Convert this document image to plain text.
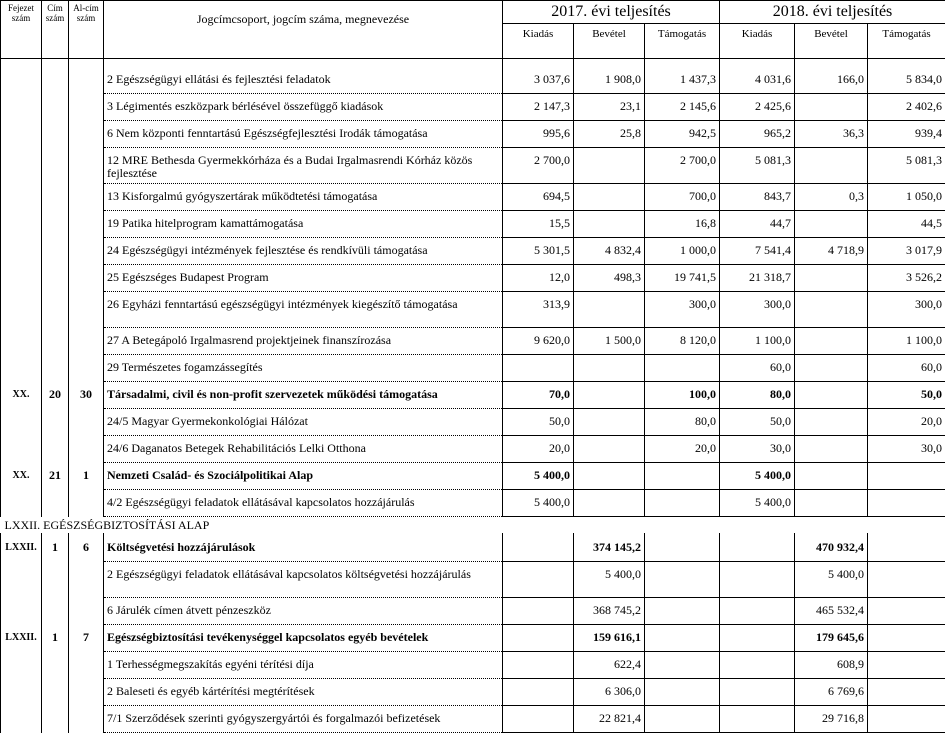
Fejezet szám	Cím szám	Al-cím szám	Jogcímcsoport, jogcím száma, megnevezése	2017. évi teljesítés			2018. évi teljesítés		
				Kiadás	Bevétel	Támogatás	Kiadás	Bevétel	Támogatás

			2 Egészségügyi ellátási és fejlesztési feladatok	3 037,6	1 908,0	1 437,3	4 031,6	166,0	5 834,0
			3 Légimentés eszközpark bérlésével összefüggő kiadások	2 147,3	23,1	2 145,6	2 425,6		2 402,6
			6 Nem központi fenntartású Egészségfejlesztési Irodák támogatása	995,6	25,8	942,5	965,2	36,3	939,4
			12 MRE Bethesda Gyermekkórháza és a Budai Irgalmasrendi Kórház közös fejlesztése	2 700,0		2 700,0	5 081,3		5 081,3
			13 Kisforgalmú gyógyszertárak működtetési támogatása	694,5		700,0	843,7	0,3	1 050,0
			19 Patika hitelprogram kamattámogatása	15,5		16,8	44,7		44,5
			24 Egészségügyi intézmények fejlesztése és rendkívüli támogatása	5 301,5	4 832,4	1 000,0	7 541,4	4 718,9	3 017,9
			25 Egészséges Budapest Program	12,0	498,3	19 741,5	21 318,7		3 526,2
			26 Egyházi fenntartású egészségügyi intézmények kiegészítő támogatása	313,9		300,0	300,0		300,0
			27 A Betegápoló Irgalmasrend projektjeinek finanszírozása	9 620,0	1 500,0	8 120,0	1 100,0		1 100,0
			29 Természetes fogamzássegítés				60,0		60,0
XX.	20	30	Társadalmi, civil és non-profit szervezetek működési támogatása	70,0		100,0	80,0		50,0
			24/5 Magyar Gyermekonkológiai Hálózat	50,0		80,0	50,0		20,0
			24/6 Daganatos Betegek Rehabilitációs Lelki Otthona	20,0		20,0	30,0		30,0
XX.	21	1	Nemzeti Család- és Szociálpolitikai Alap	5 400,0			5 400,0		
			4/2 Egészségügyi feladatok ellátásával kapcsolatos hozzájárulás	5 400,0			5 400,0		
LXXII. EGÉSZSÉGBIZTOSÍTÁSI ALAP									

LXXII.	1	6	Költségvetési hozzájárulások		374 145,2			470 932,4	
			2 Egészségügyi feladatok ellátásával kapcsolatos költségvetési hozzájárulás		5 400,0			5 400,0	
			6 Járulék címen átvett pénzeszköz		368 745,2			465 532,4	
LXXII.	1	7	Egészségbiztosítási tevékenységgel kapcsolatos egyéb bevételek		159 616,1			179 645,6	
			1 Terhességmegszakítás egyéni térítési díja		622,4			608,9	
			2 Baleseti és egyéb kártérítési megtérítések		6 306,0			6 769,6	
			7/1 Szerződések szerinti gyógyszergyártói és forgalmazói befizetések		22 821,4			29 716,8	
